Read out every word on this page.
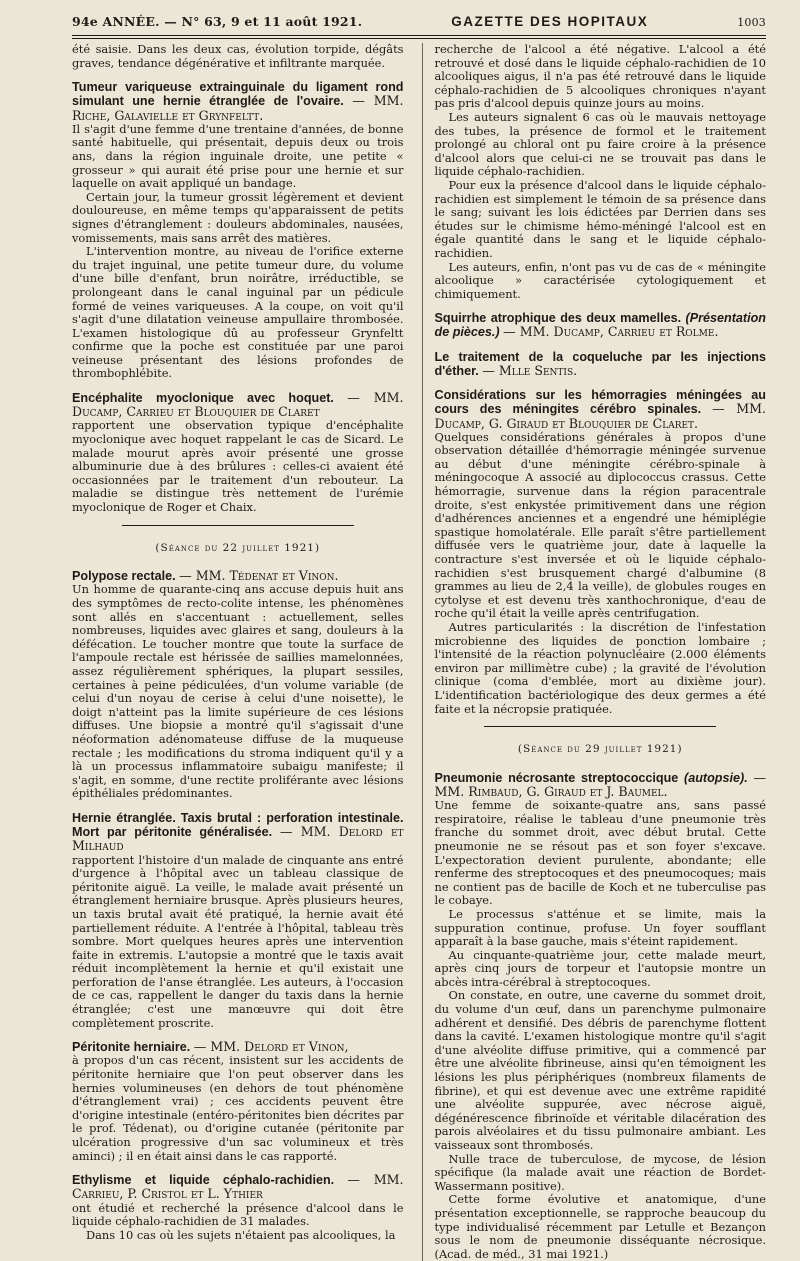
94e ANNÉE. — N° 63, 9 et 11 août 1921.	GAZETTE DES HOPITAUX	1003

été saisie. Dans les deux cas, évolution torpide, dégâts graves, tendance dégénérative et infiltrante marquée.

Tumeur variqueuse extrainguinale du ligament rond simulant une hernie étranglée de l'ovaire. — MM. Riche, Galavielle et Grynfeltt.

Il s'agit d'une femme d'une trentaine d'années, de bonne santé habituelle, qui présentait, depuis deux ou trois ans, dans la région inguinale droite, une petite « grosseur » qui aurait été prise pour une hernie et sur laquelle on avait appliqué un bandage.

Certain jour, la tumeur grossit légèrement et devient douloureuse, en même temps qu'apparaissent de petits signes d'étranglement : douleurs abdominales, nausées, vomissements, mais sans arrêt des matières.

L'intervention montre, au niveau de l'orifice externe du trajet inguinal, une petite tumeur dure, du volume d'une bille d'enfant, brun noirâtre, irréductible, se prolongeant dans le canal inguinal par un pédicule formé de veines variqueuses. A la coupe, on voit qu'il s'agit d'une dilatation veineuse ampullaire thrombosée. L'examen histologique dû au professeur Grynfeltt confirme que la poche est constituée par une paroi veineuse présentant des lésions profondes de thrombophlébite.

Encéphalite myoclonique avec hoquet. — MM. Ducamp, Carrieu et Blouquier de Claret

rapportent une observation typique d'encéphalite myoclonique avec hoquet rappelant le cas de Sicard. Le malade mourut après avoir présenté une grosse albuminurie due à des brûlures : celles-ci avaient été occasionnées par le traitement d'un rebouteur. La maladie se distingue très nettement de l'urémie myoclonique de Roger et Chaix.

(Séance du 22 juillet 1921)
Polypose rectale. — MM. Tédenat et Vinon.

Un homme de quarante-cinq ans accuse depuis huit ans des symptômes de recto-colite intense, les phénomènes sont allés en s'accentuant : actuellement, selles nombreuses, liquides avec glaires et sang, douleurs à la défécation. Le toucher montre que toute la surface de l'ampoule rectale est hérissée de saillies mamelonnées, assez régulièrement sphériques, la plupart sessiles, certaines à peine pédiculées, d'un volume variable (de celui d'un noyau de cerise à celui d'une noisette), le doigt n'atteint pas la limite supérieure de ces lésions diffuses. Une biopsie a montré qu'il s'agissait d'une néoformation adénomateuse diffuse de la muqueuse rectale ; les modifications du stroma indiquent qu'il y a là un processus inflammatoire subaigu manifeste; il s'agit, en somme, d'une rectite proliférante avec lésions épithéliales prédominantes.

Hernie étranglée. Taxis brutal : perforation intestinale. Mort par péritonite généralisée. — MM. Delord et Milhaud

rapportent l'histoire d'un malade de cinquante ans entré d'urgence à l'hôpital avec un tableau classique de péritonite aiguë. La veille, le malade avait présenté un étranglement herniaire brusque. Après plusieurs heures, un taxis brutal avait été pratiqué, la hernie avait été partiellement réduite. A l'entrée à l'hôpital, tableau très sombre. Mort quelques heures après une intervention faite in extremis. L'autopsie a montré que le taxis avait réduit incomplètement la hernie et qu'il existait une perforation de l'anse étranglée. Les auteurs, à l'occasion de ce cas, rappellent le danger du taxis dans la hernie étranglée; c'est une manœuvre qui doit être complètement proscrite.

Péritonite herniaire. — MM. Delord et Vinon,

à propos d'un cas récent, insistent sur les accidents de péritonite herniaire que l'on peut observer dans les hernies volumineuses (en dehors de tout phénomène d'étranglement vrai) ; ces accidents peuvent être d'origine intestinale (entéro-péritonites bien décrites par le prof. Tédenat), ou d'origine cutanée (péritonite par ulcération progressive d'un sac volumineux et très aminci) ; il en était ainsi dans le cas rapporté.

Ethylisme et liquide céphalo-rachidien. — MM. Carrieu, P. Cristol et L. Ythier

ont étudié et recherché la présence d'alcool dans le liquide céphalo-rachidien de 31 malades.

Dans 10 cas où les sujets n'étaient pas alcooliques, la

recherche de l'alcool a été négative. L'alcool a été retrouvé et dosé dans le liquide céphalo-rachidien de 10 alcooliques aigus, il n'a pas été retrouvé dans le liquide céphalo-rachidien de 5 alcooliques chroniques n'ayant pas pris d'alcool depuis quinze jours au moins.

Les auteurs signalent 6 cas où le mauvais nettoyage des tubes, la présence de formol et le traitement prolongé au chloral ont pu faire croire à la présence d'alcool alors que celui-ci ne se trouvait pas dans le liquide céphalo-rachidien.

Pour eux la présence d'alcool dans le liquide céphalo-rachidien est simplement le témoin de sa présence dans le sang; suivant les lois édictées par Derrien dans ses études sur le chimisme hémo-méningé l'alcool est en égale quantité dans le sang et le liquide céphalo-rachidien.

Les auteurs, enfin, n'ont pas vu de cas de « méningite alcoolique » caractérisée cytologiquement et chimiquement.

Squirrhe atrophique des deux mamelles. (Présentation de pièces.) — MM. Ducamp, Carrieu et Rolme.
Le traitement de la coqueluche par les injections d'éther. — Mlle Sentis.
Considérations sur les hémorragies méningées au cours des méningites cérébro spinales. — MM. Ducamp, G. Giraud et Blouquier de Claret.

Quelques considérations générales à propos d'une observation détaillée d'hémorragie méningée survenue au début d'une méningite cérébro-spinale à méningocoque A associé au diplococcus crassus. Cette hémorragie, survenue dans la région paracentrale droite, s'est enkystée primitivement dans une région d'adhérences anciennes et a engendré une hémiplégie spastique homolatérale. Elle paraît s'être partiellement diffusée vers le quatrième jour, date à laquelle la contracture s'est inversée et où le liquide céphalo-rachidien s'est brusquement chargé d'albumine (8 grammes au lieu de 2,4 la veille), de globules rouges en cytolyse et est devenu très xanthochronique, d'eau de roche qu'il était la veille après centrifugation.

Autres particularités : la discrétion de l'infestation microbienne des liquides de ponction lombaire ; l'intensité de la réaction polynucléaire (2.000 éléments environ par millimètre cube) ; la gravité de l'évolution clinique (coma d'emblée, mort au dixième jour). L'identification bactériologique des deux germes a été faite et la nécropsie pratiquée.

(Séance du 29 juillet 1921)
Pneumonie nécrosante streptococcique (autopsie). — MM. Rimbaud, G. Giraud et J. Baumel.

Une femme de soixante-quatre ans, sans passé respiratoire, réalise le tableau d'une pneumonie très franche du sommet droit, avec début brutal. Cette pneumonie ne se résout pas et son foyer s'excave. L'expectoration devient purulente, abondante; elle renferme des streptocoques et des pneumocoques; mais ne contient pas de bacille de Koch et ne tuberculise pas le cobaye.

Le processus s'atténue et se limite, mais la suppuration continue, profuse. Un foyer soufflant apparaît à la base gauche, mais s'éteint rapidement.

Au cinquante-quatrième jour, cette malade meurt, après cinq jours de torpeur et l'autopsie montre un abcès intra-cérébral à streptocoques.

On constate, en outre, une caverne du sommet droit, du volume d'un œuf, dans un parenchyme pulmonaire adhérent et densifié. Des débris de parenchyme flottent dans la cavité. L'examen histologique montre qu'il s'agit d'une alvéolite diffuse primitive, qui a commencé par être une alvéolite fibrineuse, ainsi qu'en témoignent les lésions les plus périphériques (nombreux filaments de fibrine), et qui est devenue avec une extrême rapidité une alvéolite suppurée, avec nécrose aiguë, dégénérescence fibrinoïde et véritable dilacération des parois alvéolaires et du tissu pulmonaire ambiant. Les vaisseaux sont thrombosés.

Nulle trace de tuberculose, de mycose, de lésion spécifique (la malade avait une réaction de Bordet-Wassermann positive).

Cette forme évolutive et anatomique, d'une présentation exceptionnelle, se rapproche beaucoup du type individualisé récemment par Letulle et Bezançon sous le nom de pneumonie disséquante nécrosique. (Acad. de méd., 31 mai 1921.)
